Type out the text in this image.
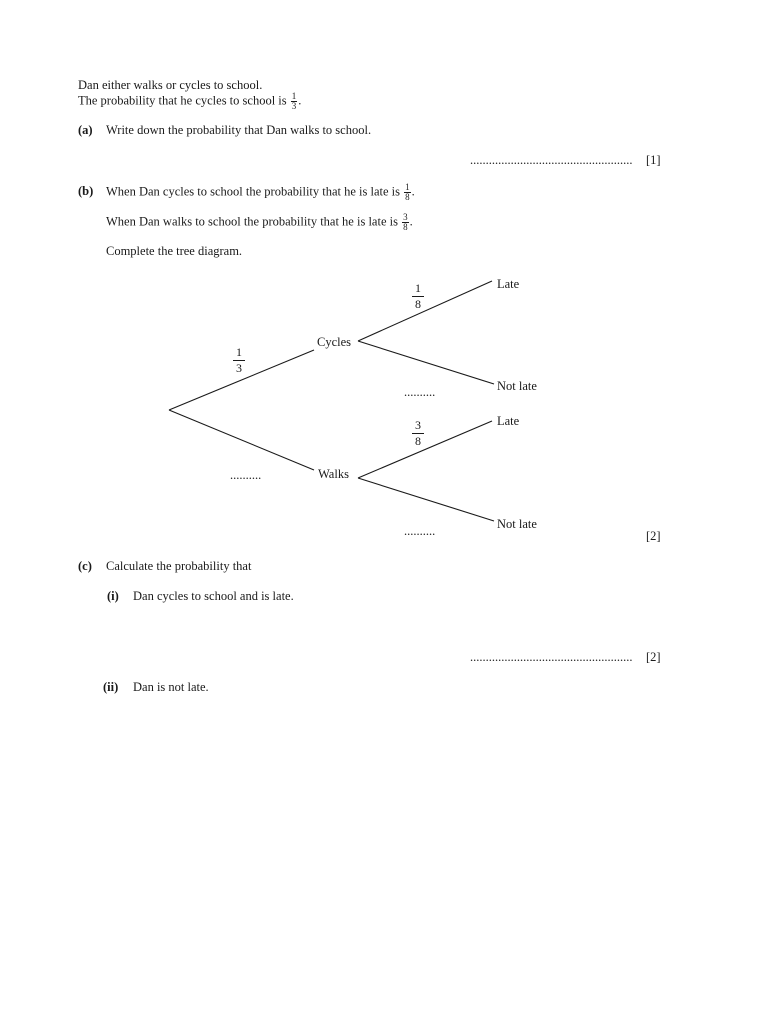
Dan either walks or cycles to school.
The probability that he cycles to school is $\frac{1}{3}$ .
(a) Write down the probability that Dan walks to school.
.................................................... [1]
(b) When Dan cycles to school the probability that he is late is $\frac{1}{8}$ .
When Dan walks to school the probability that he is late is $\frac{3}{8}$ .
Complete the tree diagram.
Cycles
Walks
Late
Not late
Late
Not late
$\frac{1}{3}$
..........
$\frac{1}{8}$
..........
$\frac{3}{8}$
..........	[2]
(c) Calculate the probability that
(i) Dan cycles to school and is late.
.................................................... [2]
(ii) Dan is not late.
